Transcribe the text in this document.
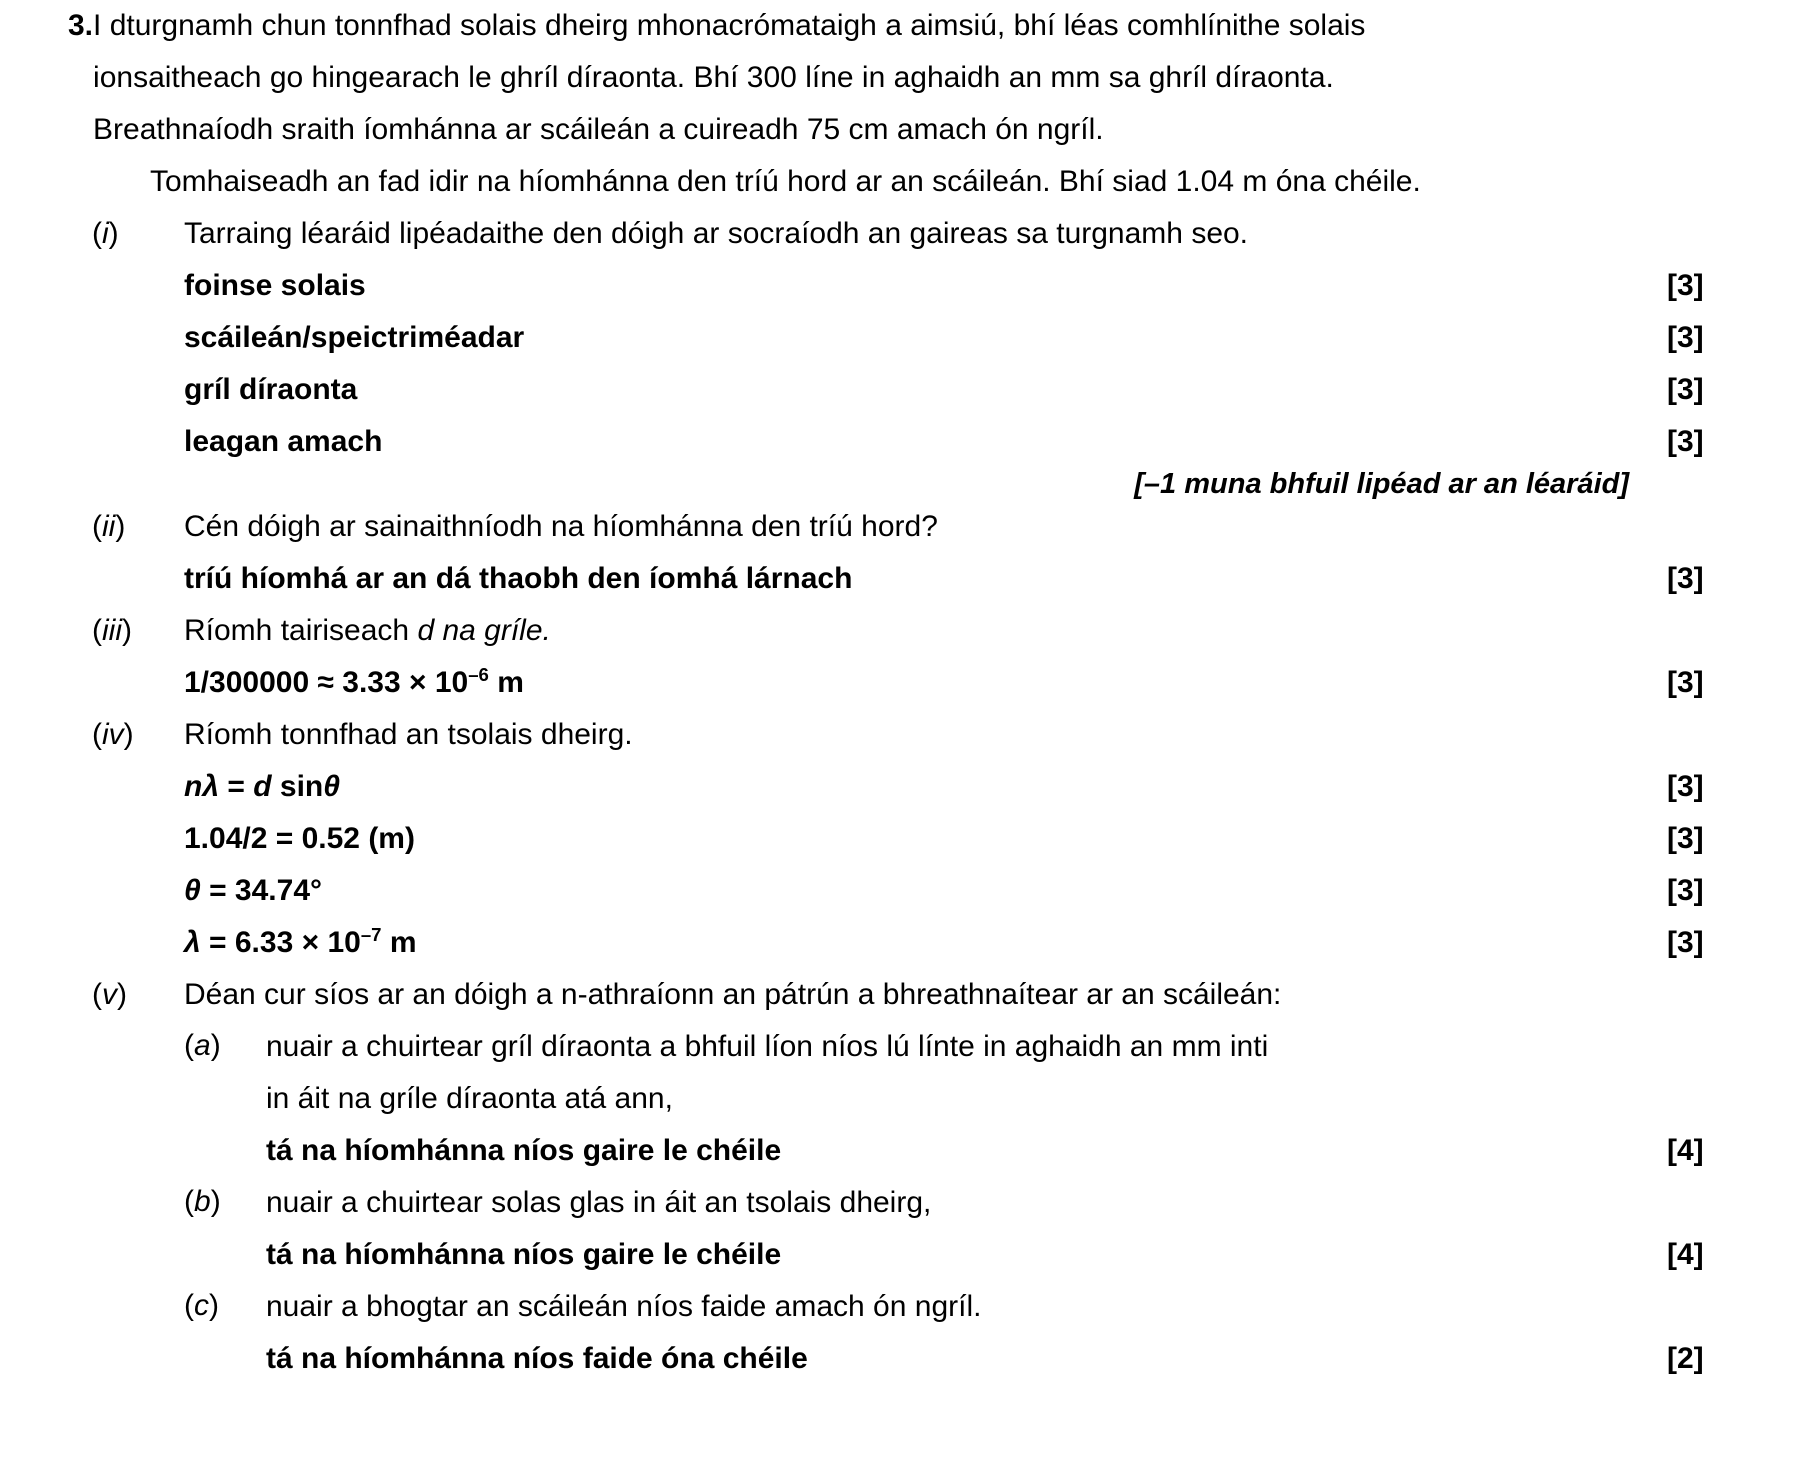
3. I dturgnamh chun tonnfhad solais dheirg mhonacrómataigh a aimsiú, bhí léas comhlínithe solais ionsaitheach go hingearach le ghríl díraonta. Bhí 300 líne in aghaidh an mm sa ghríl díraonta. Breathnaíodh sraith íomhánna ar scáileán a cuireadh 75 cm amach ón ngríl.
Tomhaiseadh an fad idir na híomhánna den tríú hord ar an scáileán. Bhí siad 1.04 m óna chéile.
(i)	Tarraing léaráid lipéadaithe den dóigh ar socraíodh an gaireas sa turgnamh seo.
foinse solais	[3]
scáileán/speictriméadar	[3]
gríl díraonta	[3]
leagan amach	[3]
[–1 muna bhfuil lipéad ar an léaráid]
(ii)	Cén dóigh ar sainaithníodh na híomhánna den tríú hord?
tríú híomhá ar an dá thaobh den íomhá lárnach	[3]
(iii)	Ríomh tairiseach d na gríle.
$1/300000 \approx 3.33 \times 10^{-6}$ m	[3]
(iv)	Ríomh tonnfhad an tsolais dheirg.
nλ = d sinθ	[3]
1.04/2 = 0.52 (m)	[3]
θ = 34.74°	[3]
$\lambda = 6.33 \times 10^{-7}$ m	[3]
(v)	Déan cur síos ar an dóigh a n-athraíonn an pátrún a bhreathnaítear ar an scáileán:
(a)	nuair a chuirtear gríl díraonta a bhfuil líon níos lú línte in aghaidh an mm inti
in áit na gríle díraonta atá ann,
tá na híomhánna níos gaire le chéile	[4]
(b)	nuair a chuirtear solas glas in áit an tsolais dheirg,
tá na híomhánna níos gaire le chéile	[4]
(c)	nuair a bhogtar an scáileán níos faide amach ón ngríl.
tá na híomhánna níos faide óna chéile	[2]
